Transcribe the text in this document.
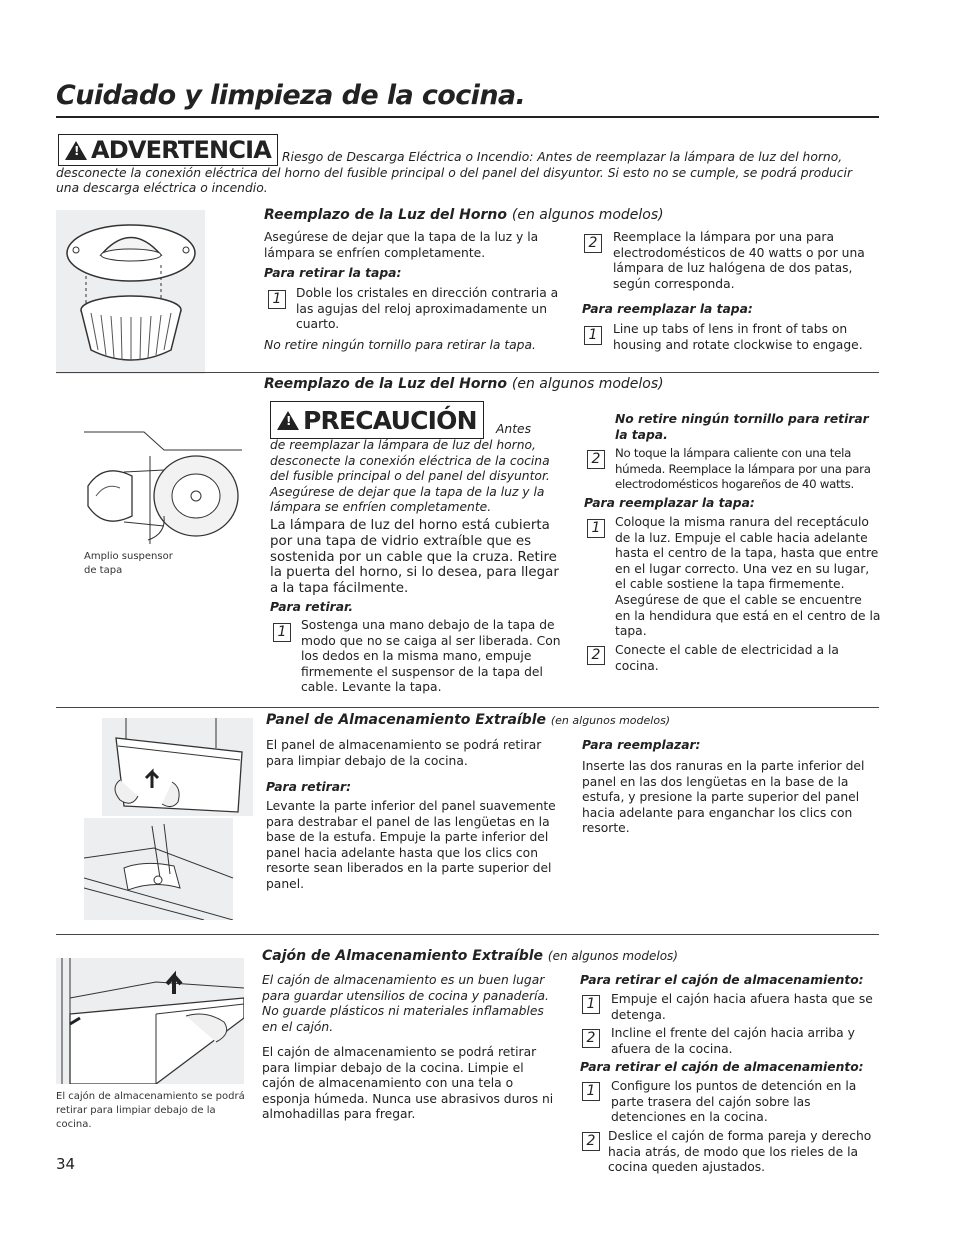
Cuidado y limpieza de la cocina.
!
ADVERTENCIA Riesgo de Descarga Eléctrica o Incendio: Antes de reemplazar la lámpara de luz del horno, desconecte la conexión eléctrica del horno del fusible principal o del panel del disyuntor. Si esto no se cumple, se podrá producir una descarga eléctrica o incendio.
Reemplazo de la Luz del Horno (en algunos modelos)
Asegúrese de dejar que la tapa de la luz y la lámpara se enfríen completamente.
Para retirar la tapa:
1	Doble los cristales en dirección contraria a las agujas del reloj aproximadamente un cuarto.
No retire ningún tornillo para retirar la tapa.
2	Reemplace la lámpara por una para electrodomésticos de 40 watts o por una lámpara de luz halógena de dos patas, según corresponda.
Para reemplazar la tapa:
1	Line up tabs of lens in front of tabs on housing and rotate clockwise to engage.
Reemplazo de la Luz del Horno (en algunos modelos)
Amplio suspensor
de tapa
!
PRECAUCIÓN Antes
de reemplazar la lámpara de luz del horno, desconecte la conexión eléctrica de la cocina del fusible principal o del panel del disyuntor. Asegúrese de dejar que la tapa de la luz y la lámpara se enfríen completamente.
La lámpara de luz del horno está cubierta por una tapa de vidrio extraíble que es sostenida por un cable que la cruza. Retire la puerta del horno, si lo desea, para llegar a la tapa fácilmente.
Para retirar.
1	Sostenga una mano debajo de la tapa de modo que no se caiga al ser liberada. Con los dedos en la misma mano, empuje firmemente el suspensor de la tapa del cable. Levante la tapa.
No retire ningún tornillo para retirar la tapa.
2	No toque la lámpara caliente con una tela húmeda. Reemplace la lámpara por una para electrodomésticos hogareños de 40 watts.
Para reemplazar la tapa:
1	Coloque la misma ranura del receptáculo de la luz. Empuje el cable hacia adelante hasta el centro de la tapa, hasta que entre en el lugar correcto. Una vez en su lugar, el cable sostiene la tapa firmemente. Asegúrese de que el cable se encuentre en la hendidura que está en el centro de la tapa.
2	Conecte el cable de electricidad a la cocina.
Panel de Almacenamiento Extraíble (en algunos modelos)
El panel de almacenamiento se podrá retirar para limpiar debajo de la cocina.
Para retirar:
Levante la parte inferior del panel suavemente para destrabar el panel de las lengüetas en la base de la estufa. Empuje la parte inferior del panel hacia adelante hasta que los clics con resorte sean liberados en la parte superior del panel.
Para reemplazar:
Inserte las dos ranuras en la parte inferior del panel en las dos lengüetas en la base de la estufa, y presione la parte superior del panel hacia adelante para enganchar los clics con resorte.
El cajón de almacenamiento se podrá retirar para limpiar debajo de la cocina.
Cajón de Almacenamiento Extraíble (en algunos modelos)
El cajón de almacenamiento es un buen lugar para guardar utensilios de cocina y panadería. No guarde plásticos ni materiales inflamables en el cajón.
El cajón de almacenamiento se podrá retirar para limpiar debajo de la cocina. Limpie el cajón de almacenamiento con una tela o esponja húmeda. Nunca use abrasivos duros ni almohadillas para fregar.
Para retirar el cajón de almacenamiento:
1	Empuje el cajón hacia afuera hasta que se detenga.
2	Incline el frente del cajón hacia arriba y afuera de la cocina.
Para retirar el cajón de almacenamiento:
1	Configure los puntos de detención en la parte trasera del cajón sobre las detenciones en la cocina.
2	Deslice el cajón de forma pareja y derecho hacia atrás, de modo que los rieles de la cocina queden ajustados.
34
